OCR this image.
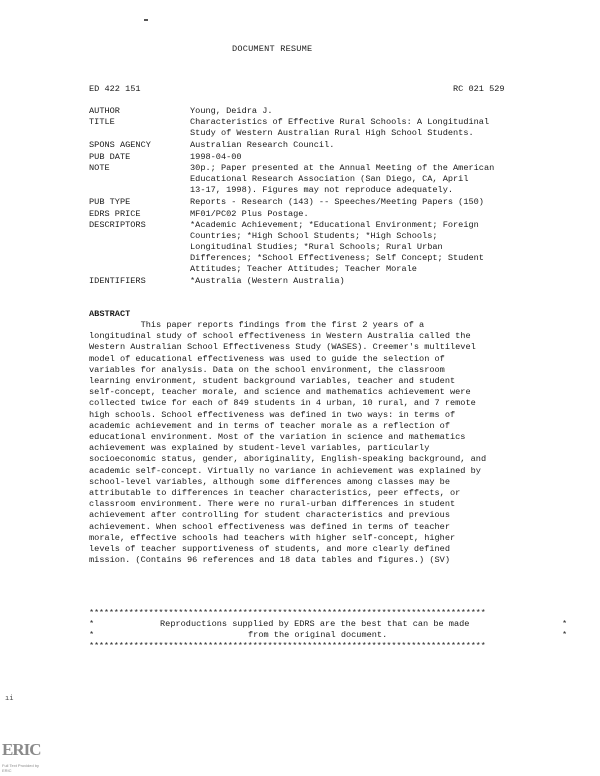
DOCUMENT RESUME
ED 422 151	RC 021 529
AUTHOR	Young, Deidra J.
TITLE	Characteristics of Effective Rural Schools: A Longitudinal
Study of Western Australian Rural High School Students.
SPONS AGENCY	Australian Research Council.
PUB DATE	1998-04-00
NOTE	30p.; Paper presented at the Annual Meeting of the American
Educational Research Association (San Diego, CA, April
13-17, 1998). Figures may not reproduce adequately.
PUB TYPE	Reports - Research (143) -- Speeches/Meeting Papers (150)
EDRS PRICE	MF01/PC02 Plus Postage.
DESCRIPTORS	*Academic Achievement; *Educational Environment; Foreign
Countries; *High School Students; *High Schools;
Longitudinal Studies; *Rural Schools; Rural Urban
Differences; *School Effectiveness; Self Concept; Student
Attitudes; Teacher Attitudes; Teacher Morale
IDENTIFIERS	*Australia (Western Australia)
ABSTRACT
This paper reports findings from the first 2 years of a
longitudinal study of school effectiveness in Western Australia called the
Western Australian School Effectiveness Study (WASES). Creemer's multilevel
model of educational effectiveness was used to guide the selection of
variables for analysis. Data on the school environment, the classroom
learning environment, student background variables, teacher and student
self-concept, teacher morale, and science and mathematics achievement were
collected twice for each of 849 students in 4 urban, 10 rural, and 7 remote
high schools. School effectiveness was defined in two ways: in terms of
academic achievement and in terms of teacher morale as a reflection of
educational environment. Most of the variation in science and mathematics
achievement was explained by student-level variables, particularly
socioeconomic status, gender, aboriginality, English-speaking background, and
academic self-concept. Virtually no variance in achievement was explained by
school-level variables, although some differences among classes may be
attributable to differences in teacher characteristics, peer effects, or
classroom environment. There were no rural-urban differences in student
achievement after controlling for student characteristics and previous
achievement. When school effectiveness was defined in terms of teacher
morale, effective schools had teachers with higher self-concept, higher
levels of teacher supportiveness of students, and more clearly defined
mission. (Contains 96 references and 18 data tables and figures.) (SV)
********************************************************************************
*	Reproductions supplied by EDRS are the best that can be made	*
*	from the original document.	*
********************************************************************************
ıi
ERIC
Full Text Provided by ERIC
